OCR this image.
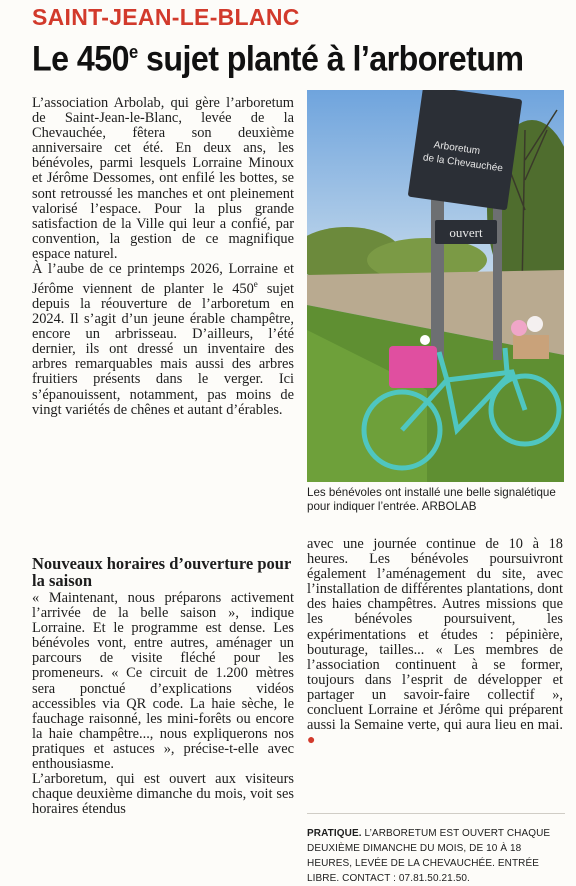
SAINT-JEAN-LE-BLANC
Le 450e sujet planté à l’arboretum

L’association Arbolab, qui gère l’arboretum de Saint-Jean-le-Blanc, levée de la Chevauchée, fêtera son deuxième anniversaire cet été. En deux ans, les bénévoles, parmi lesquels Lorraine Minoux et Jérôme Dessomes, ont enfilé les bottes, se sont retroussé les manches et ont pleinement valorisé l’espace. Pour la plus grande satisfaction de la Ville qui leur a confié, par convention, la gestion de ce magnifique espace naturel.

À l’aube de ce printemps 2026, Lorraine et Jérôme viennent de planter le 450e sujet depuis la réouverture de l’arboretum en 2024. Il s’agit d’un jeune érable champêtre, encore un arbrisseau. D’ailleurs, l’été dernier, ils ont dressé un inventaire des arbres remarquables mais aussi des arbres fruitiers présents dans le verger. Ici s’épanouissent, notamment, pas moins de vingt variétés de chênes et autant d’érables.

Nouveaux horaires d’ouverture pour la saison

« Maintenant, nous préparons activement l’arrivée de la belle saison », indique Lorraine. Et le programme est dense. Les bénévoles vont, entre autres, aménager un parcours de visite fléché pour les promeneurs. « Ce circuit de 1.200 mètres sera ponctué d’explications vidéos accessibles via QR code. La haie sèche, le fauchage raisonné, les mini-forêts ou encore la haie champêtre..., nous expliquerons nos pratiques et astuces », précise-t-elle avec enthousiasme.

L’arboretum, qui est ouvert aux visiteurs chaque deuxième dimanche du mois, voit ses horaires étendus

Arboretum
de la Chevauchée
ouvert
Les bénévoles ont installé une belle signalétique pour indiquer l’entrée. ARBOLAB

avec une journée continue de 10 à 18 heures. Les bénévoles poursuivront également l’aménagement du site, avec l’installation de différentes plantations, dont des haies champêtres. Autres missions que les bénévoles poursuivent, les expérimentations et études : pépinière, bouturage, tailles... « Les membres de l’association continuent à se former, toujours dans l’esprit de développer et partager un savoir-faire collectif », concluent Lorraine et Jérôme qui préparent aussi la Semaine verte, qui aura lieu en mai. ●

PRATIQUE. L’ARBORETUM EST OUVERT CHAQUE DEUXIÈME DIMANCHE DU MOIS, DE 10 À 18 HEURES, LEVÉE DE LA CHEVAUCHÉE. ENTRÉE LIBRE. CONTACT : 07.81.50.21.50.
